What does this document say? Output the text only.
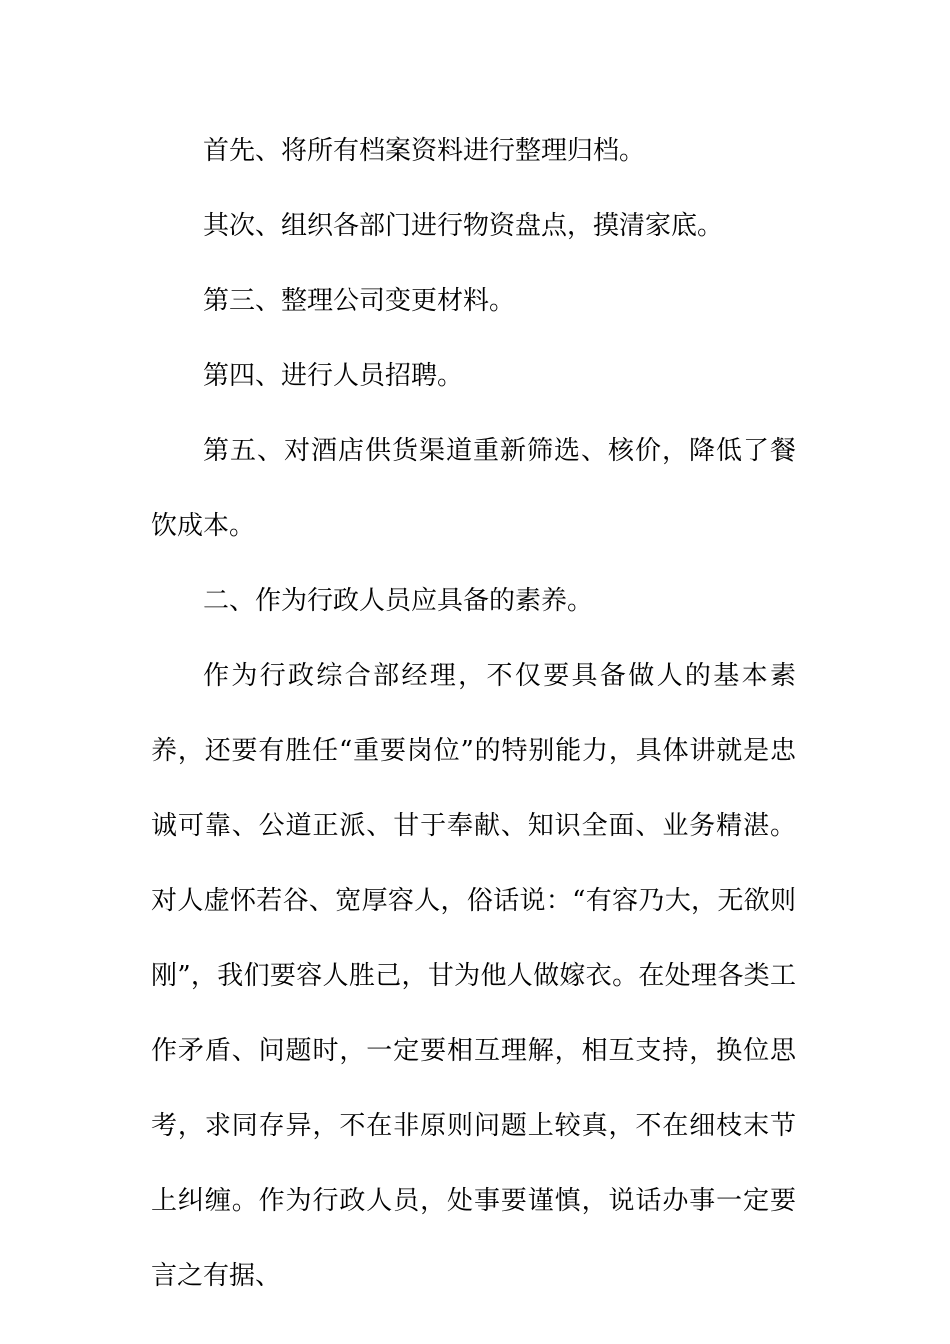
首先、将所有档案资料进行整理归档。

其次、组织各部门进行物资盘点，摸清家底。

第三、整理公司变更材料。

第四、进行人员招聘。

第五、对酒店供货渠道重新筛选、核价，降低了餐饮成本。

二、作为行政人员应具备的素养。

作为行政综合部经理，不仅要具备做人的基本素养，还要有胜任“重要岗位”的特别能力，具体讲就是忠诚可靠、公道正派、甘于奉献、知识全面、业务精湛。对人虚怀若谷、宽厚容人，俗话说：“有容乃大，无欲则刚”，我们要容人胜己，甘为他人做嫁衣。在处理各类工作矛盾、问题时，一定要相互理解，相互支持，换位思考，求同存异，不在非原则问题上较真，不在细枝末节上纠缠。作为行政人员，处事要谨慎，说话办事一定要言之有据、
